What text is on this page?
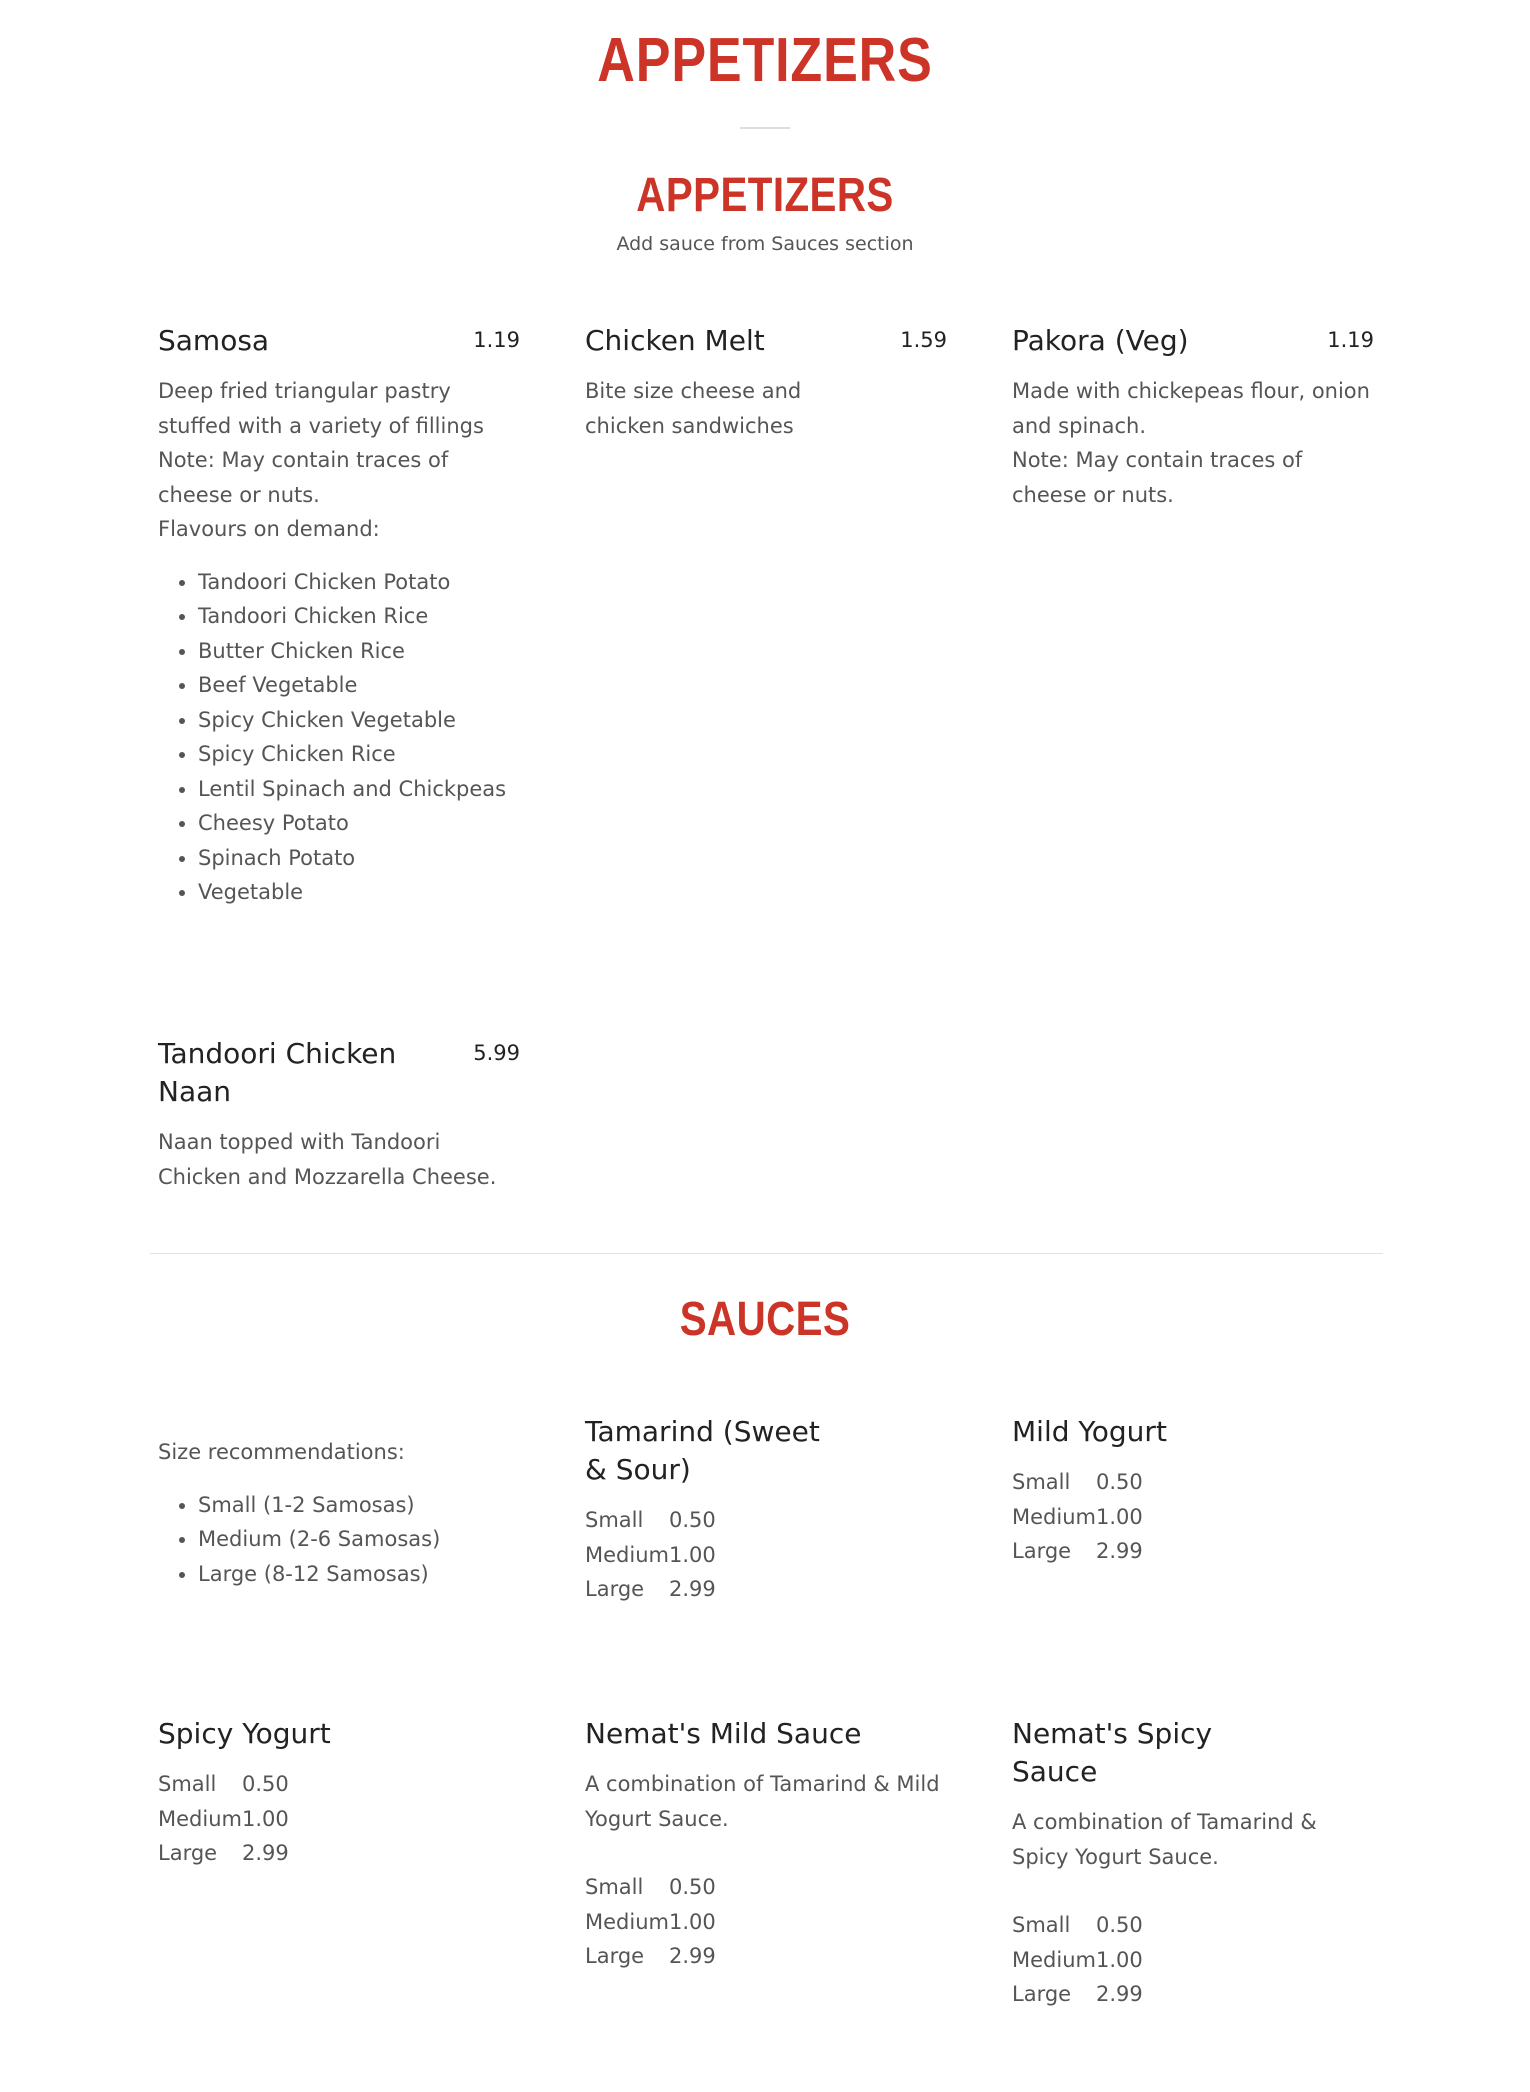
APPETIZERS
APPETIZERS
Add sauce from Sauces section
Samosa	1.19

Deep fried triangular pastry stuffed with a variety of fillings
Note: May contain traces of cheese or nuts.
Flavours on demand:

• Tandoori Chicken Potato
• Tandoori Chicken Rice
• Butter Chicken Rice
• Beef Vegetable
• Spicy Chicken Vegetable
• Spicy Chicken Rice
• Lentil Spinach and Chickpeas
• Cheesy Potato
• Spinach Potato
• Vegetable
Chicken Melt	1.59

Bite size cheese and
chicken sandwiches

Pakora (Veg)	1.19

Made with chickepeas flour, onion and spinach.
Note: May contain traces of cheese or nuts.

Tandoori Chicken Naan
5.99

Naan topped with Tandoori Chicken and Mozzarella Cheese.

SAUCES

Size recommendations:

• Small (1-2 Samosas)
• Medium (2-6 Samosas)
• Large (8-12 Samosas)
Tamarind (Sweet & Sour)
Small	0.50
Medium	1.00
Large	2.99
Mild Yogurt
Small	0.50
Medium	1.00
Large	2.99
Spicy Yogurt
Small	0.50
Medium	1.00
Large	2.99
Nemat's Mild Sauce

A combination of Tamarind & Mild Yogurt Sauce.

Small	0.50
Medium	1.00
Large	2.99
Nemat's Spicy Sauce

A combination of Tamarind & Spicy Yogurt Sauce.

Small	0.50
Medium	1.00
Large	2.99
